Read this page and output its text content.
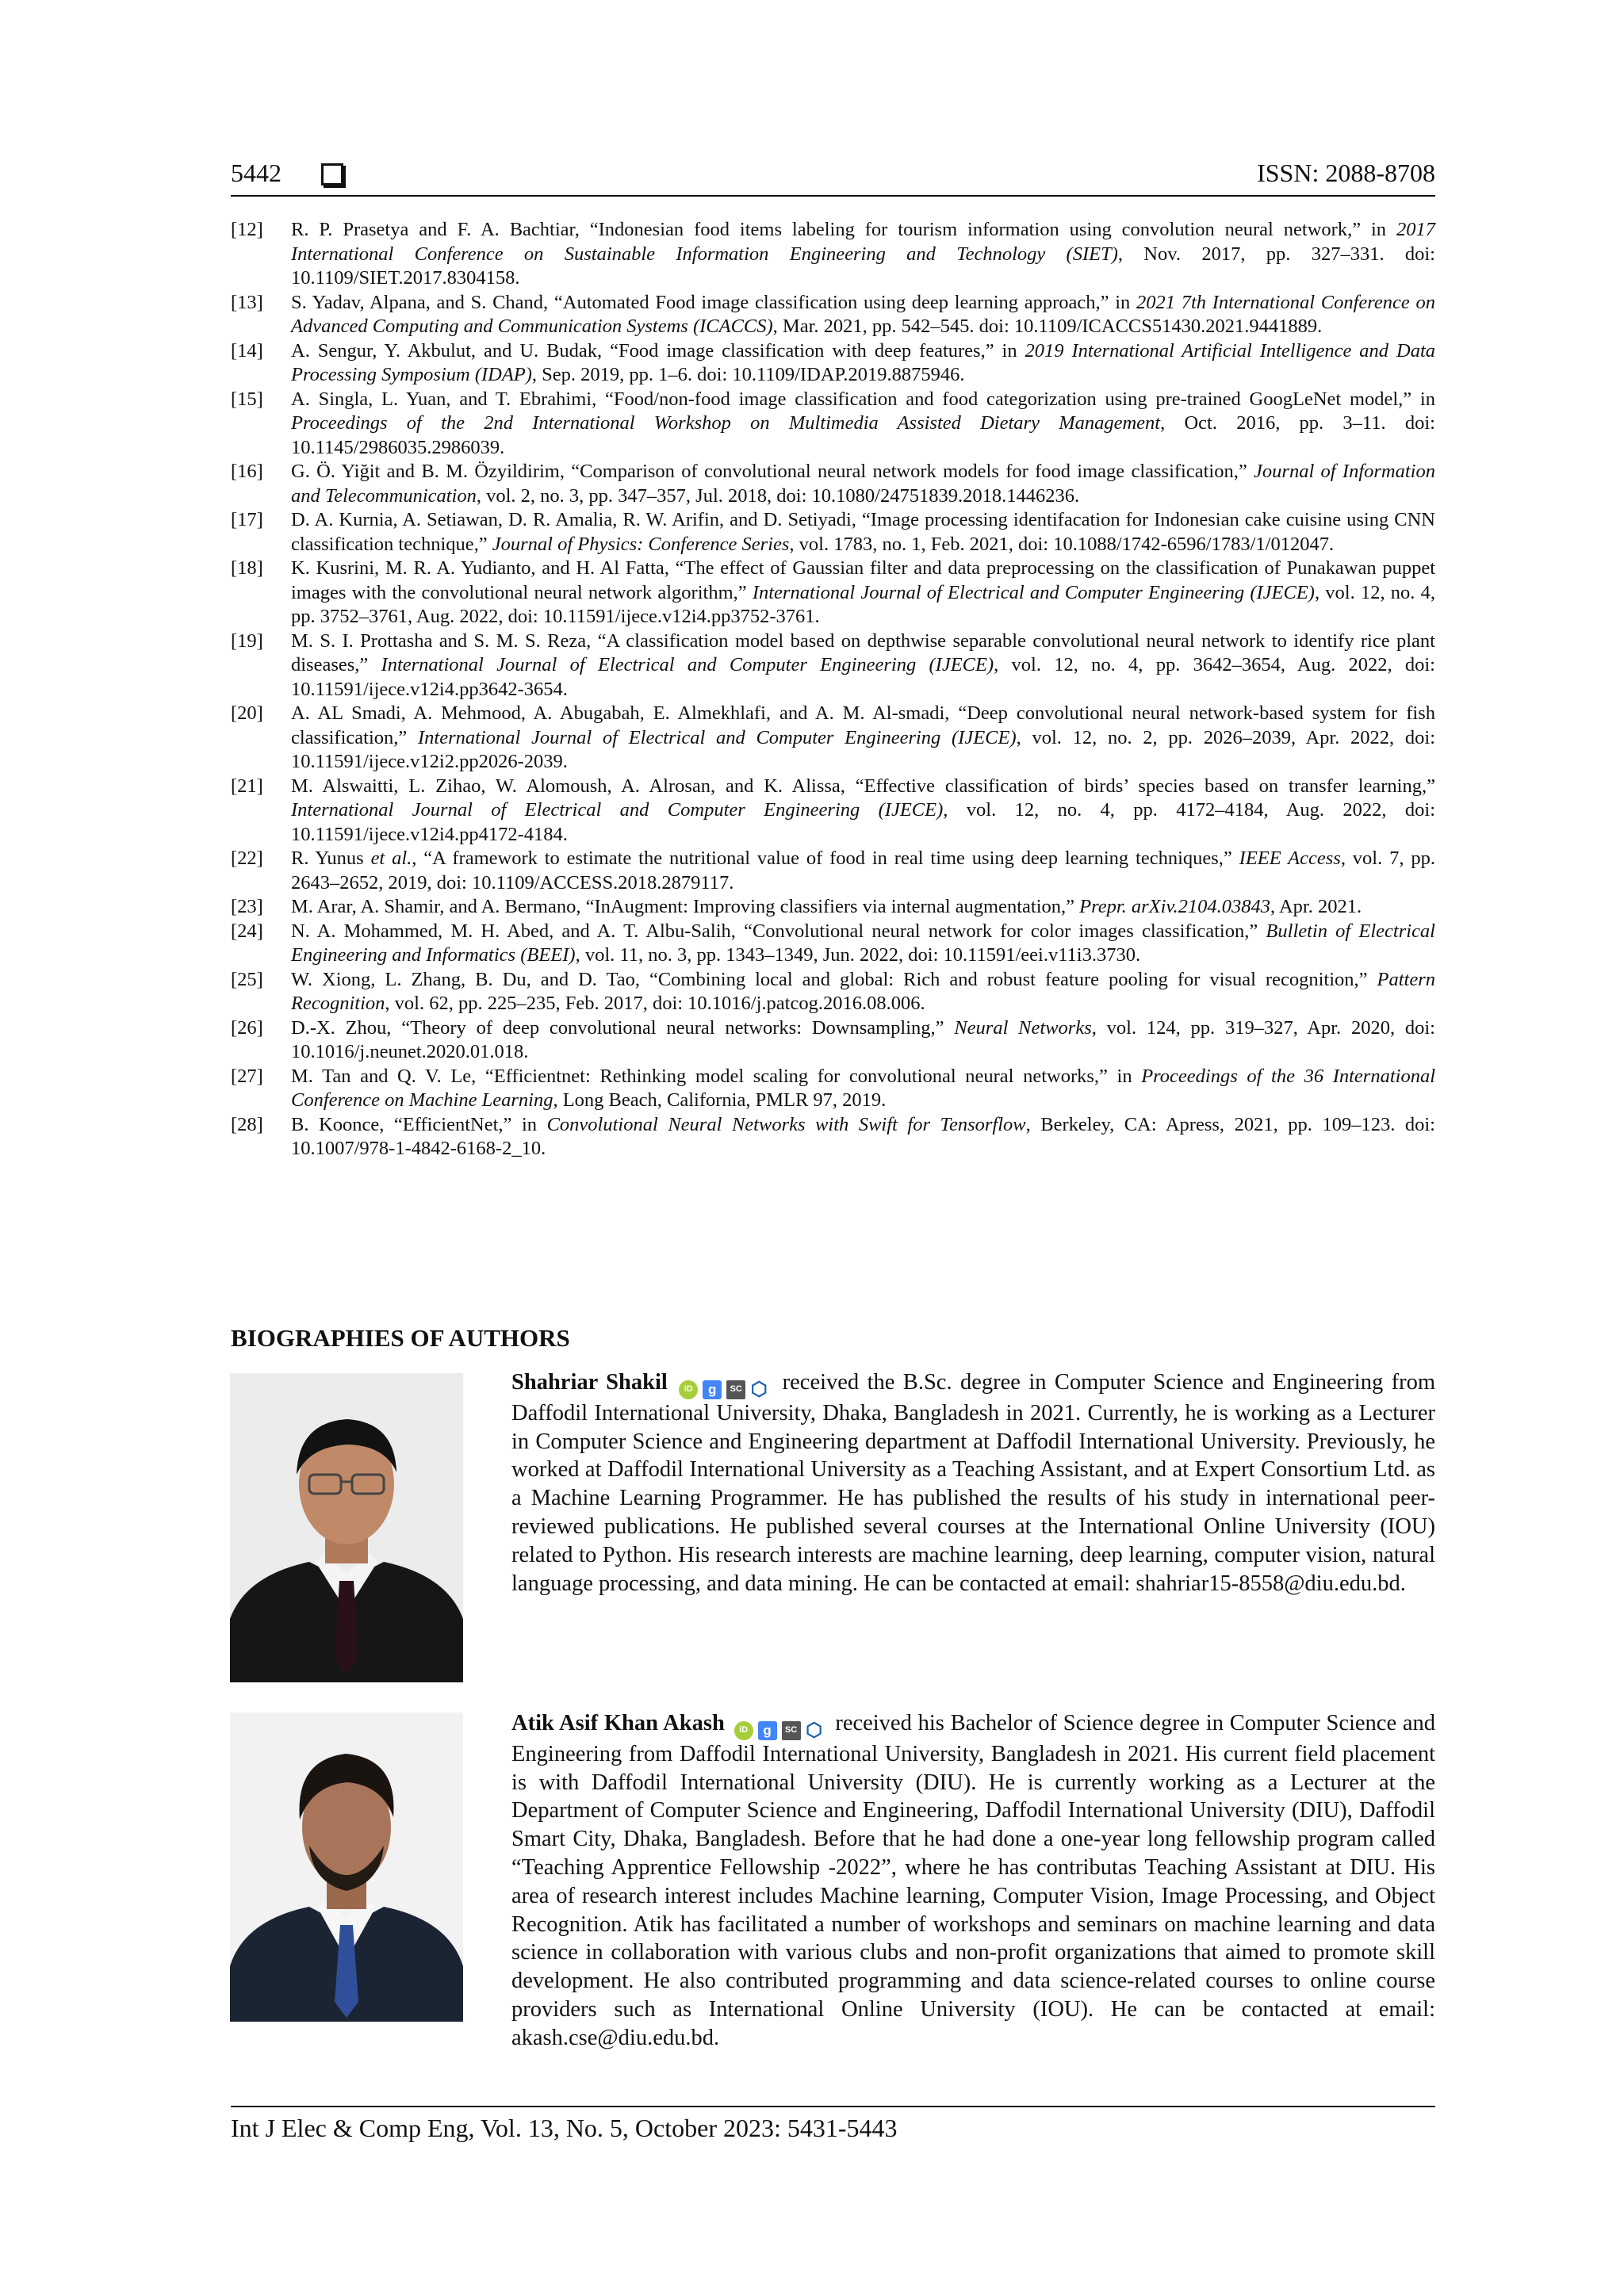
5442	ISSN: 2088-8708
[12]	R. P. Prasetya and F. A. Bachtiar, “Indonesian food items labeling for tourism information using convolution neural network,” in 2017 International Conference on Sustainable Information Engineering and Technology (SIET), Nov. 2017, pp. 327–331. doi: 10.1109/SIET.2017.8304158.
[13]	S. Yadav, Alpana, and S. Chand, “Automated Food image classification using deep learning approach,” in 2021 7th International Conference on Advanced Computing and Communication Systems (ICACCS), Mar. 2021, pp. 542–545. doi: 10.1109/ICACCS51430.2021.9441889.
[14]	A. Sengur, Y. Akbulut, and U. Budak, “Food image classification with deep features,” in 2019 International Artificial Intelligence and Data Processing Symposium (IDAP), Sep. 2019, pp. 1–6. doi: 10.1109/IDAP.2019.8875946.
[15]	A. Singla, L. Yuan, and T. Ebrahimi, “Food/non-food image classification and food categorization using pre-trained GoogLeNet model,” in Proceedings of the 2nd International Workshop on Multimedia Assisted Dietary Management, Oct. 2016, pp. 3–11. doi: 10.1145/2986035.2986039.
[16]	G. Ö. Yiğit and B. M. Özyildirim, “Comparison of convolutional neural network models for food image classification,” Journal of Information and Telecommunication, vol. 2, no. 3, pp. 347–357, Jul. 2018, doi: 10.1080/24751839.2018.1446236.
[17]	D. A. Kurnia, A. Setiawan, D. R. Amalia, R. W. Arifin, and D. Setiyadi, “Image processing identifacation for Indonesian cake cuisine using CNN classification technique,” Journal of Physics: Conference Series, vol. 1783, no. 1, Feb. 2021, doi: 10.1088/1742-6596/1783/1/012047.
[18]	K. Kusrini, M. R. A. Yudianto, and H. Al Fatta, “The effect of Gaussian filter and data preprocessing on the classification of Punakawan puppet images with the convolutional neural network algorithm,” International Journal of Electrical and Computer Engineering (IJECE), vol. 12, no. 4, pp. 3752–3761, Aug. 2022, doi: 10.11591/ijece.v12i4.pp3752-3761.
[19]	M. S. I. Prottasha and S. M. S. Reza, “A classification model based on depthwise separable convolutional neural network to identify rice plant diseases,” International Journal of Electrical and Computer Engineering (IJECE), vol. 12, no. 4, pp. 3642–3654, Aug. 2022, doi: 10.11591/ijece.v12i4.pp3642-3654.
[20]	A. AL Smadi, A. Mehmood, A. Abugabah, E. Almekhlafi, and A. M. Al-smadi, “Deep convolutional neural network-based system for fish classification,” International Journal of Electrical and Computer Engineering (IJECE), vol. 12, no. 2, pp. 2026–2039, Apr. 2022, doi: 10.11591/ijece.v12i2.pp2026-2039.
[21]	M. Alswaitti, L. Zihao, W. Alomoush, A. Alrosan, and K. Alissa, “Effective classification of birds’ species based on transfer learning,” International Journal of Electrical and Computer Engineering (IJECE), vol. 12, no. 4, pp. 4172–4184, Aug. 2022, doi: 10.11591/ijece.v12i4.pp4172-4184.
[22]	R. Yunus et al., “A framework to estimate the nutritional value of food in real time using deep learning techniques,” IEEE Access, vol. 7, pp. 2643–2652, 2019, doi: 10.1109/ACCESS.2018.2879117.
[23]	M. Arar, A. Shamir, and A. Bermano, “InAugment: Improving classifiers via internal augmentation,” Prepr. arXiv.2104.03843, Apr. 2021.
[24]	N. A. Mohammed, M. H. Abed, and A. T. Albu-Salih, “Convolutional neural network for color images classification,” Bulletin of Electrical Engineering and Informatics (BEEI), vol. 11, no. 3, pp. 1343–1349, Jun. 2022, doi: 10.11591/eei.v11i3.3730.
[25]	W. Xiong, L. Zhang, B. Du, and D. Tao, “Combining local and global: Rich and robust feature pooling for visual recognition,” Pattern Recognition, vol. 62, pp. 225–235, Feb. 2017, doi: 10.1016/j.patcog.2016.08.006.
[26]	D.-X. Zhou, “Theory of deep convolutional neural networks: Downsampling,” Neural Networks, vol. 124, pp. 319–327, Apr. 2020, doi: 10.1016/j.neunet.2020.01.018.
[27]	M. Tan and Q. V. Le, “Efficientnet: Rethinking model scaling for convolutional neural networks,” in Proceedings of the 36 International Conference on Machine Learning, Long Beach, California, PMLR 97, 2019.
[28]	B. Koonce, “EfficientNet,” in Convolutional Neural Networks with Swift for Tensorflow, Berkeley, CA: Apress, 2021, pp. 109–123. doi: 10.1007/978-1-4842-6168-2_10.
BIOGRAPHIES OF AUTHORS
Shahriar Shakil	iD	g	SC ⬡ received the B.Sc. degree in Computer Science and Engineering from Daffodil International University, Dhaka, Bangladesh in 2021. Currently, he is working as a Lecturer in Computer Science and Engineering department at Daffodil International University. Previously, he worked at Daffodil International University as a Teaching Assistant, and at Expert Consortium Ltd. as a Machine Learning Programmer. He has published the results of his study in international peer-reviewed publications. He published several courses at the International Online University (IOU) related to Python. His research interests are machine learning, deep learning, computer vision, natural language processing, and data mining. He can be contacted at email: shahriar15-8558@diu.edu.bd.
Atik Asif Khan Akash	iD	g	SC ⬡ received his Bachelor of Science degree in Computer Science and Engineering from Daffodil International University, Bangladesh in 2021. His current field placement is with Daffodil International University (DIU). He is currently working as a Lecturer at the Department of Computer Science and Engineering, Daffodil International University (DIU), Daffodil Smart City, Dhaka, Bangladesh. Before that he had done a one-year long fellowship program called “Teaching Apprentice Fellowship -2022”, where he has contributas Teaching Assistant at DIU. His area of research interest includes Machine learning, Computer Vision, Image Processing, and Object Recognition. Atik has facilitated a number of workshops and seminars on machine learning and data science in collaboration with various clubs and non-profit organizations that aimed to promote skill development. He also contributed programming and data science-related courses to online course providers such as International Online University (IOU). He can be contacted at email: akash.cse@diu.edu.bd.
Int J Elec & Comp Eng, Vol. 13, No. 5, October 2023: 5431-5443
